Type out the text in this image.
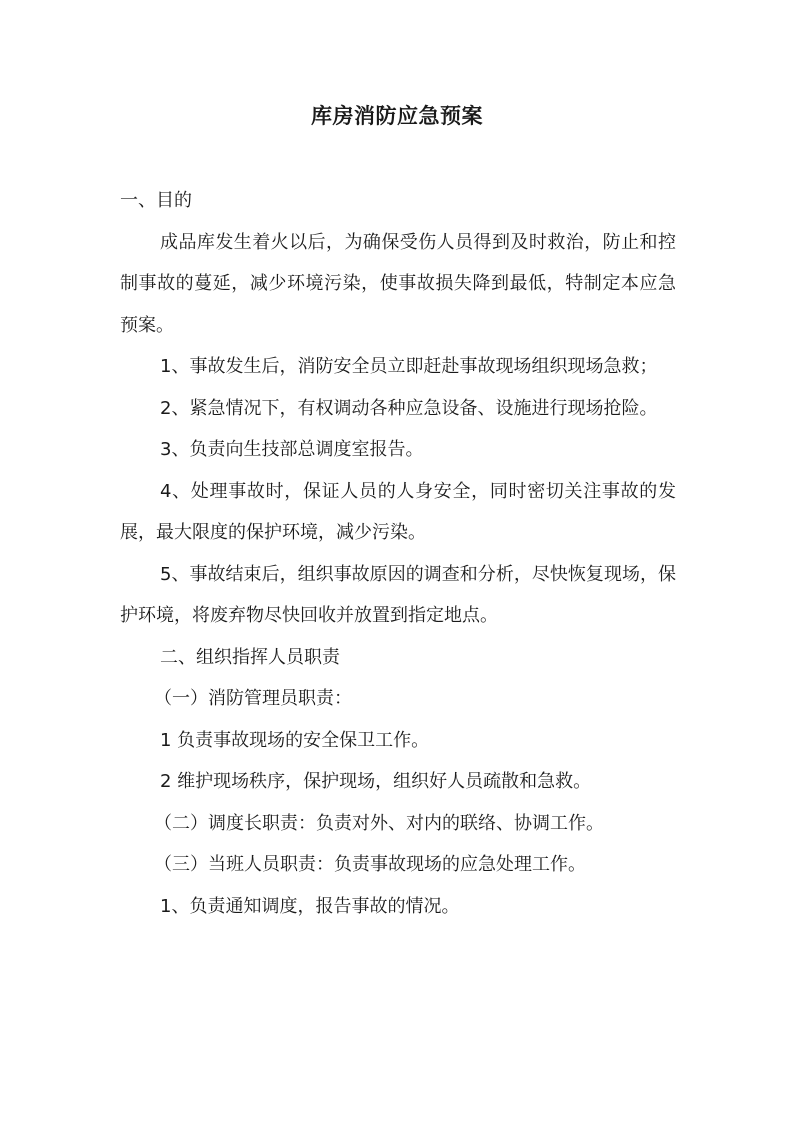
库房消防应急预案

一、目的

成品库发生着火以后，为确保受伤人员得到及时救治，防止和控制事故的蔓延，减少环境污染，使事故损失降到最低，特制定本应急预案。

1、事故发生后，消防安全员立即赶赴事故现场组织现场急救；

2、紧急情况下，有权调动各种应急设备、设施进行现场抢险。

3、负责向生技部总调度室报告。

4、处理事故时，保证人员的人身安全，同时密切关注事故的发展，最大限度的保护环境，减少污染。

5、事故结束后，组织事故原因的调查和分析，尽快恢复现场，保护环境，将废弃物尽快回收并放置到指定地点。

二、组织指挥人员职责

（一）消防管理员职责：

1 负责事故现场的安全保卫工作。

2 维护现场秩序，保护现场，组织好人员疏散和急救。

（二）调度长职责：负责对外、对内的联络、协调工作。

（三）当班人员职责：负责事故现场的应急处理工作。

1、负责通知调度，报告事故的情况。
